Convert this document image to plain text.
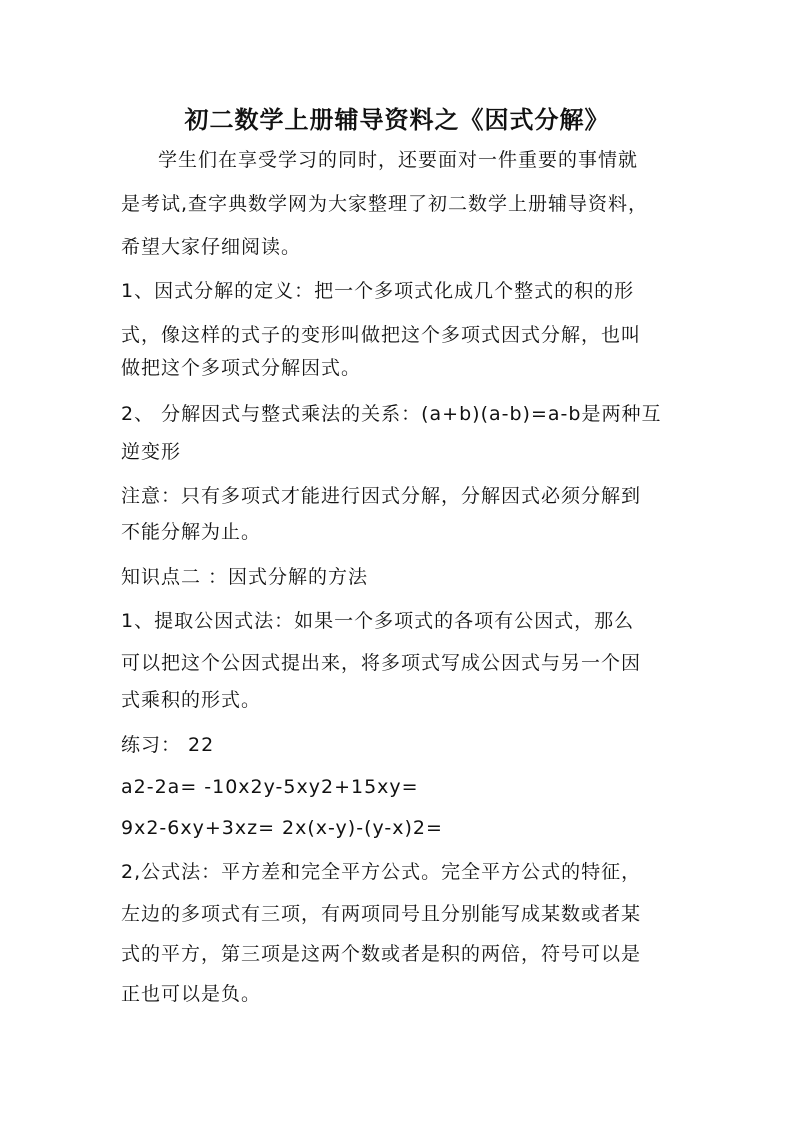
初二数学上册辅导资料之《因式分解》
学生们在享受学习的同时，还要面对一件重要的事情就
是考试,查字典数学网为大家整理了初二数学上册辅导资料，
希望大家仔细阅读。
1、因式分解的定义：把一个多项式化成几个整式的积的形
式，像这样的式子的变形叫做把这个多项式因式分解，也叫
做把这个多项式分解因式。
2、 分解因式与整式乘法的关系：(a+b)(a-b)=a-b是两种互
逆变形
注意：只有多项式才能进行因式分解，分解因式必须分解到
不能分解为止。
知识点二 ：因式分解的方法
1、提取公因式法：如果一个多项式的各项有公因式，那么
可以把这个公因式提出来，将多项式写成公因式与另一个因
式乘积的形式。
练习： 22
a2-2a= -10x2y-5xy2+15xy=
9x2-6xy+3xz= 2x(x-y)-(y-x)2=
2,公式法：平方差和完全平方公式。完全平方公式的特征，
左边的多项式有三项，有两项同号且分别能写成某数或者某
式的平方，第三项是这两个数或者是积的两倍，符号可以是
正也可以是负。
